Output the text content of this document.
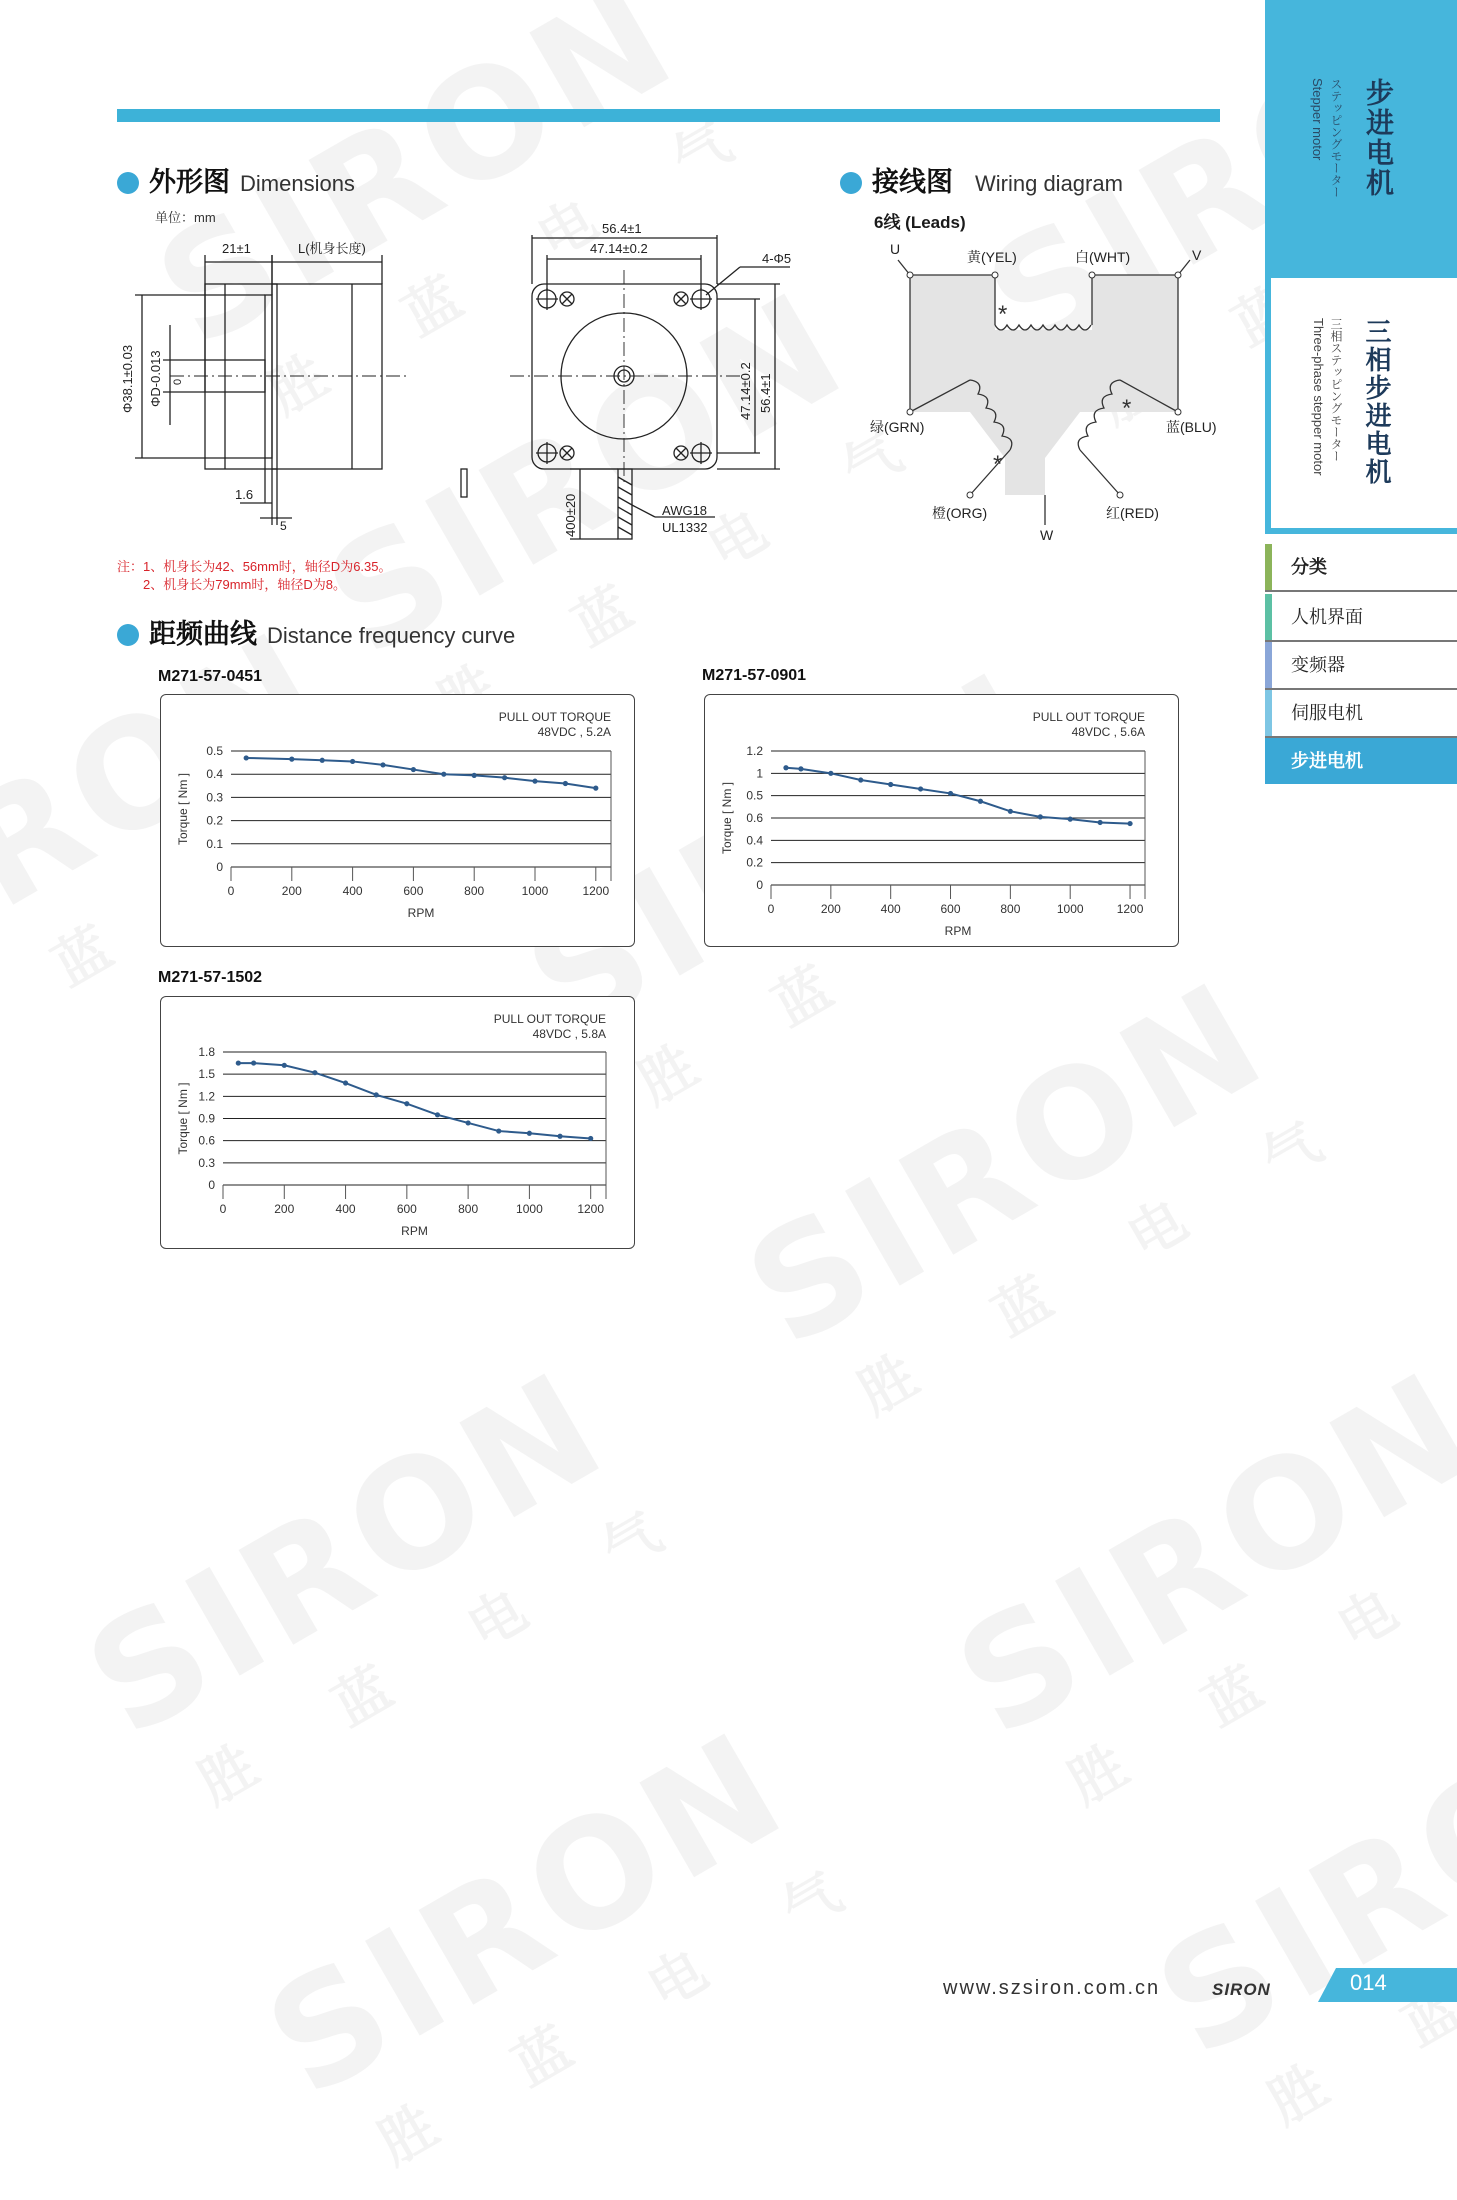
步进电机
ステッピングモーター
Stepper motor
三相步进电机
三相ステッピングモーター
Three-phase stepper motor
分类
人机界面
变频器
伺服电机
步进电机
外形图 Dimensions
单位：mm
21±1	L(机身长度)
Φ38.1±0.03 ΦD-0.013 0
1.6
5
56.4±1
47.14±0.2
4-Φ5
47.14±0.2 56.4±1
400±20	AWG18
UL1332
注：1、机身长为42、56mm时，轴径D为6.35。
2、机身长为79mm时，轴径D为8。
接线图 Wiring diagram
6线 (Leads)
*
*
*
U	V
W
黄(YEL)	白(WHT)
绿(GRN)	蓝(BLU)
橙(ORG)	红(RED)
距频曲线 Distance frequency curve
M271-57-0451
PULL OUT TORQUE
48VDC , 5.2A
0
0.1
0.2
0.3
0.4
0.5
0	200	400	600	800	1000	1200
RPM
Torque [ Nm ]
M271-57-0901
PULL OUT TORQUE
48VDC , 5.6A
0
0.2
0.4
0.6
0.5
1
1.2
0	200	400	600	800	1000	1200
RPM
Torque [ Nm ]
M271-57-1502
PULL OUT TORQUE
48VDC , 5.8A
0
0.3
0.6
0.9
1.2
1.5
1.8
0	200	400	600	800	1000	1200
RPM
Torque [ Nm ]
www.szsiron.com.cn	SIRON	014
